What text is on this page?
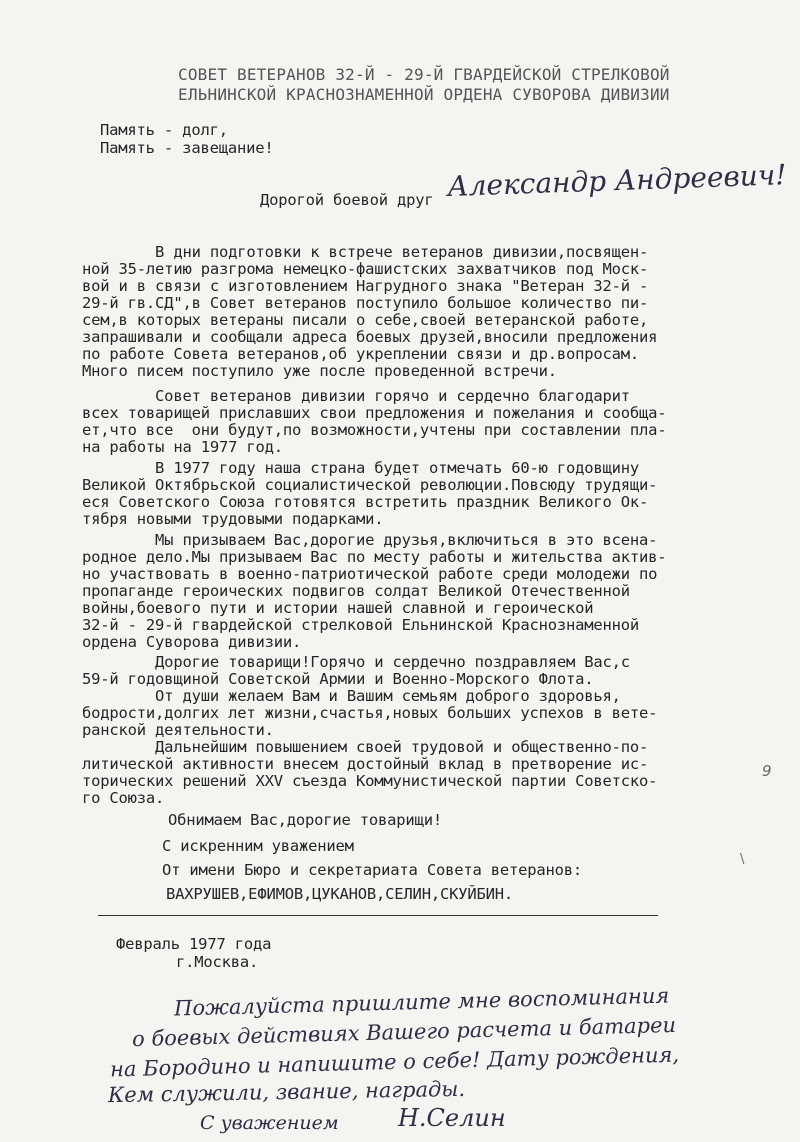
СОВЕТ ВЕТЕРАНОВ 32-Й - 29-Й ГВАРДЕЙСКОЙ СТРЕЛКОВОЙ
ЕЛЬНИНСКОЙ КРАСНОЗНАМЕННОЙ ОРДЕНА СУВОРОВА ДИВИЗИИ
Память - долг,
Память - завещание!
Дорогой боевой друг Александр Андреевич!
В дни подготовки к встрече ветеранов дивизии,посвящен-
ной 35-летию разгрома немецко-фашистских захватчиков под Моск-
вой и в связи с изготовлением Нагрудного знака "Ветеран 32-й -
29-й гв.СД",в Совет ветеранов поступило большое количество пи-
сем,в которых ветераны писали о себе,своей ветеранской работе,
запрашивали и сообщали адреса боевых друзей,вносили предложения
по работе Совета ветеранов,об укреплении связи и др.вопросам.
Много писем поступило уже после проведенной встречи.
Совет ветеранов дивизии горячо и сердечно благодарит
всех товарищей приславших свои предложения и пожелания и сообща-
ет,что все  они будут,по возможности,учтены при составлении пла-
на работы на 1977 год.
В 1977 году наша страна будет отмечать 60-ю годовщину
Великой Октябрьской социалистической революции.Повсюду трудящи-
еся Советского Союза готовятся встретить праздник Великого Ок-
тября новыми трудовыми подарками.
Мы призываем Вас,дорогие друзья,включиться в это всена-
родное дело.Мы призываем Вас по месту работы и жительства актив-
но участвовать в военно-патриотической работе среди молодежи по
пропаганде героических подвигов солдат Великой Отечественной
войны,боевого пути и истории нашей славной и героической
32-й - 29-й гвардейской стрелковой Ельнинской Краснознаменной
ордена Суворова дивизии.
Дорогие товарищи!Горячо и сердечно поздравляем Вас,с
59-й годовщиной Советской Армии и Военно-Морского Флота.
От души желаем Вам и Вашим семьям доброго здоровья,
бодрости,долгих лет жизни,счастья,новых больших успехов в вете-
ранской деятельности.
Дальнейшим повышением своей трудовой и общественно-по-
литической активности внесем достойный вклад в претворение ис-
торических решений XXV съезда Коммунистической партии Советско-
го Союза.
9
\
Обнимаем Вас,дорогие товарищи!
С искренним уважением
От имени Бюро и секретариата Совета ветеранов:
ВАХРУШЕВ,ЕФИМОВ,ЦУКАНОВ,СЕЛИН,СКУЙБИН.
Февраль 1977 года
г.Москва.
Пожалуйста пришлите мне воспоминания
о боевых действиях Вашего расчета и батареи
на Бородино и напишите о себе! Дату рождения,
Кем служили, звание, награды.
С уважением Н.Селин
